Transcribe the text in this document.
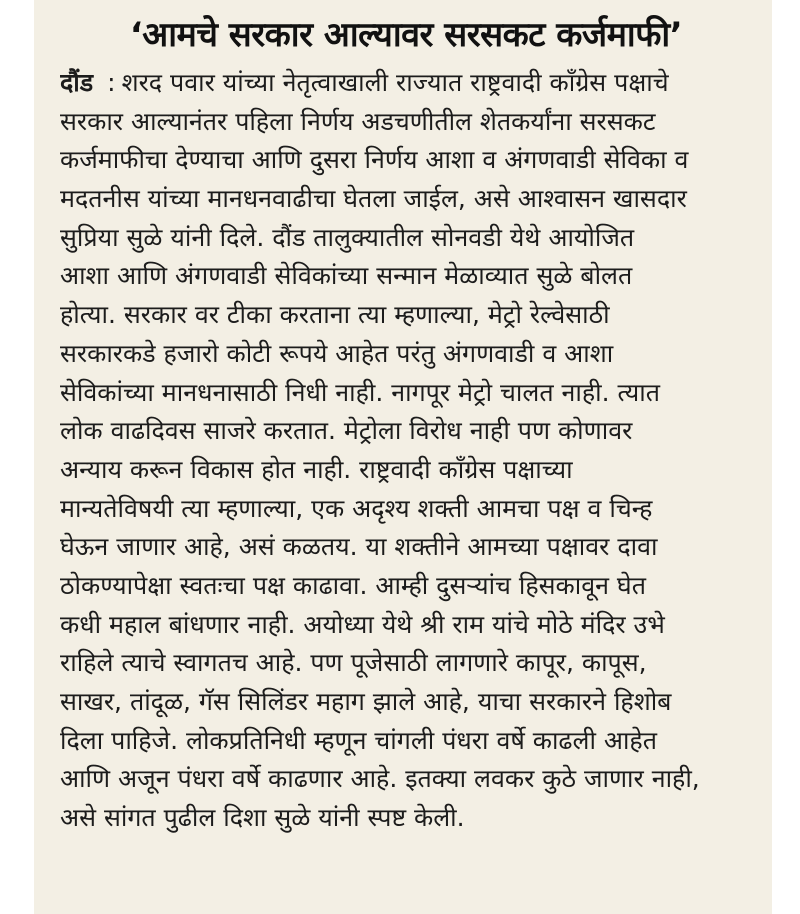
‘आमचे सरकार आल्यावर सरसकट कर्जमाफी’
दौंड : शरद पवार यांच्या नेतृत्वाखाली राज्यात राष्ट्रवादी काँग्रेस पक्षाचे
सरकार आल्यानंतर पहिला निर्णय अडचणीतील शेतकर्यांना सरसकट
कर्जमाफीचा देण्याचा आणि दुसरा निर्णय आशा व अंगणवाडी सेविका व
मदतनीस यांच्या मानधनवाढीचा घेतला जाईल, असे आश्वासन खासदार
सुप्रिया सुळे यांनी दिले. दौंड तालुक्यातील सोनवडी येथे आयोजित
आशा आणि अंगणवाडी सेविकांच्या सन्मान मेळाव्यात सुळे बोलत
होत्या. सरकार वर टीका करताना त्या म्हणाल्या, मेट्रो रेल्वेसाठी
सरकारकडे हजारो कोटी रूपये आहेत परंतु अंगणवाडी व आशा
सेविकांच्या मानधनासाठी निधी नाही. नागपूर मेट्रो चालत नाही. त्यात
लोक वाढदिवस साजरे करतात. मेट्रोला विरोध नाही पण कोणावर
अन्याय करून विकास होत नाही. राष्ट्रवादी काँग्रेस पक्षाच्या
मान्यतेविषयी त्या म्हणाल्या, एक अदृश्य शक्ती आमचा पक्ष व चिन्ह
घेऊन जाणार आहे, असं कळतय. या शक्तीने आमच्या पक्षावर दावा
ठोकण्यापेक्षा स्वतःचा पक्ष काढावा. आम्ही दुसऱ्यांच हिसकावून घेत
कधी महाल बांधणार नाही. अयोध्या येथे श्री राम यांचे मोठे मंदिर उभे
राहिले त्याचे स्वागतच आहे. पण पूजेसाठी लागणारे कापूर, कापूस,
साखर, तांदूळ, गॅस सिलिंडर महाग झाले आहे, याचा सरकारने हिशोब
दिला पाहिजे. लोकप्रतिनिधी म्हणून चांगली पंधरा वर्षे काढली आहेत
आणि अजून पंधरा वर्षे काढणार आहे. इतक्या लवकर कुठे जाणार नाही,
असे सांगत पुढील दिशा सुळे यांनी स्पष्ट केली.
